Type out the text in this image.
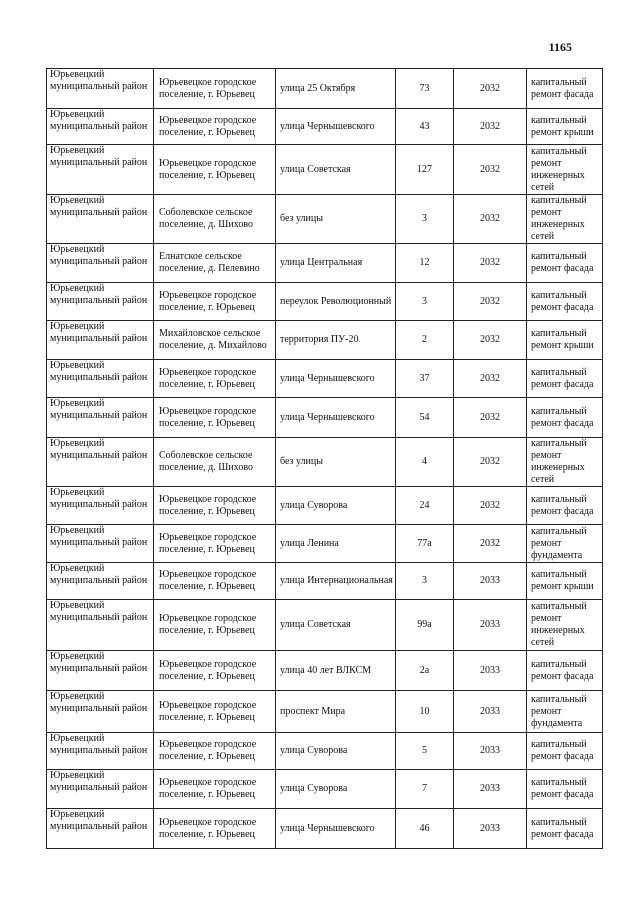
1165
Юрьевецкий муниципальный район	Юрьевецкое городское поселение, г. Юрьевец	улица 25 Октября	73	2032	капитальный ремонт фасада
Юрьевецкий муниципальный район	Юрьевецкое городское поселение, г. Юрьевец	улица Чернышевского	43	2032	капитальный ремонт крыши
Юрьевецкий муниципальный район	Юрьевецкое городское поселение, г. Юрьевец	улица Советская	127	2032	капитальный ремонт инженерных сетей
Юрьевецкий муниципальный район	Соболевское сельское поселение, д. Шихово	без улицы	3	2032	капитальный ремонт инженерных сетей
Юрьевецкий муниципальный район	Елнатское сельское поселение, д. Пелевино	улица Центральная	12	2032	капитальный ремонт фасада
Юрьевецкий муниципальный район	Юрьевецкое городское поселение, г. Юрьевец	переулок Революционный	3	2032	капитальный ремонт фасада
Юрьевецкий муниципальный район	Михайловское сельское поселение, д. Михайлово	территория ПУ-20	2	2032	капитальный ремонт крыши
Юрьевецкий муниципальный район	Юрьевецкое городское поселение, г. Юрьевец	улица Чернышевского	37	2032	капитальный ремонт фасада
Юрьевецкий муниципальный район	Юрьевецкое городское поселение, г. Юрьевец	улица Чернышевского	54	2032	капитальный ремонт фасада
Юрьевецкий муниципальный район	Соболевское сельское поселение, д. Шихово	без улицы	4	2032	капитальный ремонт инженерных сетей
Юрьевецкий муниципальный район	Юрьевецкое городское поселение, г. Юрьевец	улица Суворова	24	2032	капитальный ремонт фасада
Юрьевецкий муниципальный район	Юрьевецкое городское поселение, г. Юрьевец	улица Ленина	77а	2032	капитальный ремонт фундамента
Юрьевецкий муниципальный район	Юрьевецкое городское поселение, г. Юрьевец	улица Интернациональная	3	2033	капитальный ремонт крыши
Юрьевецкий муниципальный район	Юрьевецкое городское поселение, г. Юрьевец	улица Советская	99а	2033	капитальный ремонт инженерных сетей
Юрьевецкий муниципальный район	Юрьевецкое городское поселение, г. Юрьевец	улица 40 лет ВЛКСМ	2а	2033	капитальный ремонт фасада
Юрьевецкий муниципальный район	Юрьевецкое городское поселение, г. Юрьевец	проспект Мира	10	2033	капитальный ремонт фундамента
Юрьевецкий муниципальный район	Юрьевецкое городское поселение, г. Юрьевец	улица Суворова	5	2033	капитальный ремонт фасада
Юрьевецкий муниципальный район	Юрьевецкое городское поселение, г. Юрьевец	улица Суворова	7	2033	капитальный ремонт фасада
Юрьевецкий муниципальный район	Юрьевецкое городское поселение, г. Юрьевец	улица Чернышевского	46	2033	капитальный ремонт фасада
